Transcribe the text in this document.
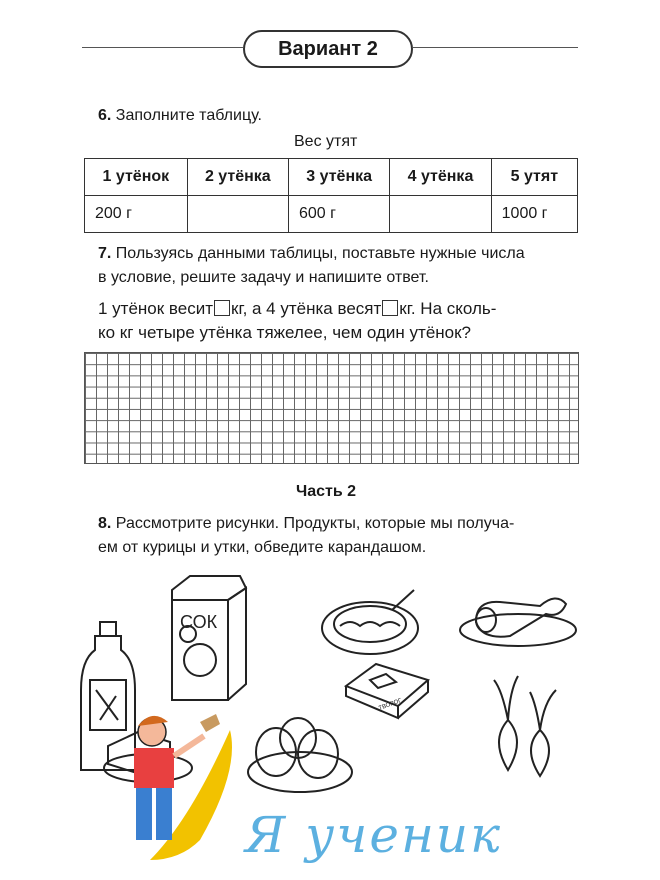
Вариант 2
6. Заполните таблицу.
Вес утят
1 утёнок	2 утёнка	3 утёнка	4 утёнка	5 утят
200 г		600 г		1000 г
7. Пользуясь данными таблицы, поставьте нужные числа
в условие, решите задачу и напишите ответ.
1 утёнок весит кг, а 4 утёнка весят кг. На сколь-
ко кг четыре утёнка тяжелее, чем один утёнок?
Часть 2
8. Рассмотрите рисунки. Продукты, которые мы получа-
ем от курицы и утки, обведите карандашом.
СОК
ТВОРОГ
Я ученик
